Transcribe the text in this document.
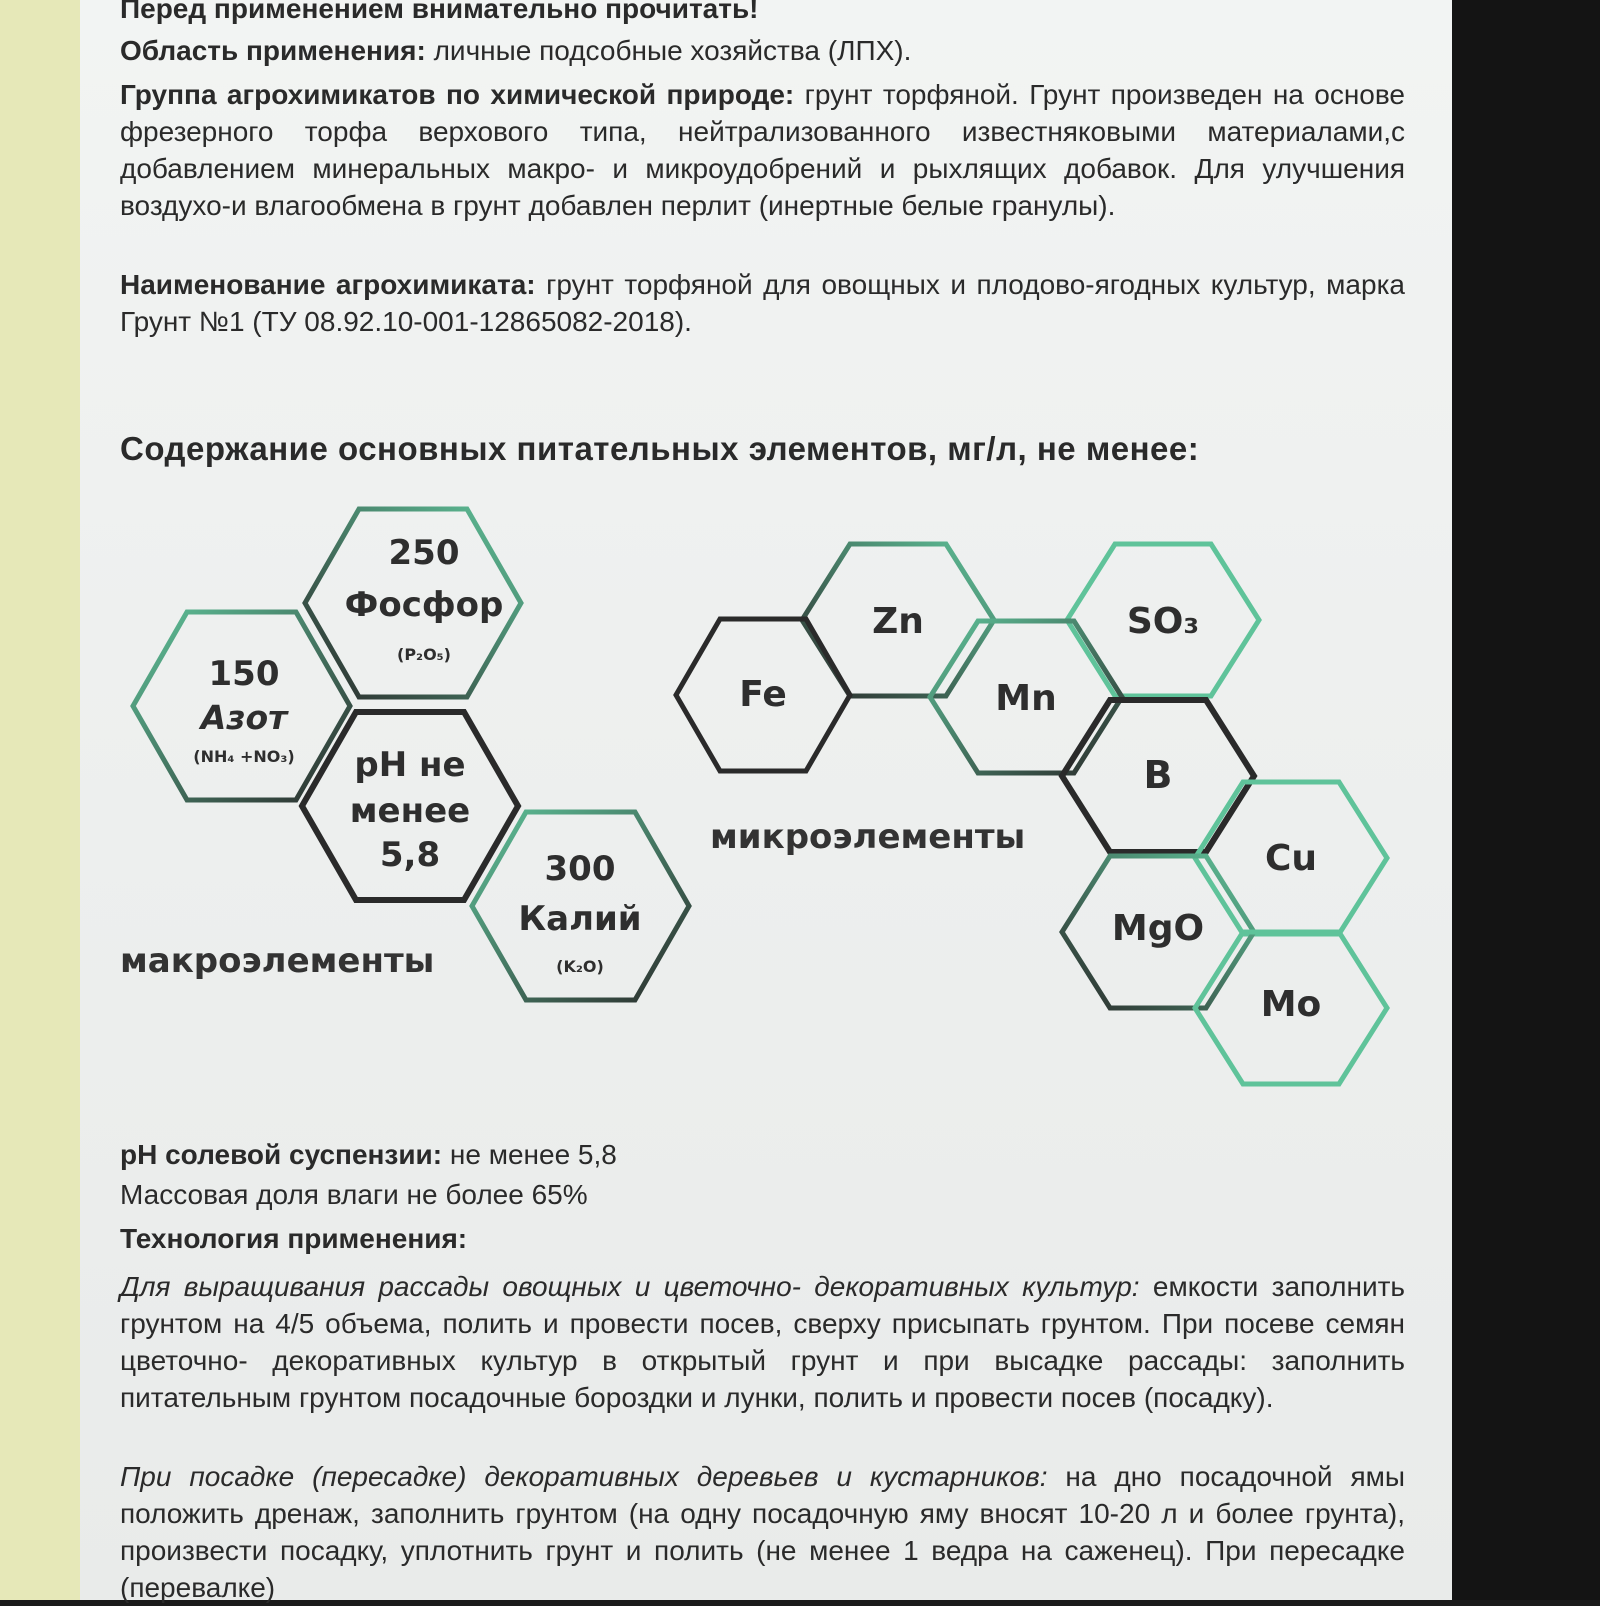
Перед применением внимательно прочитать!

Область применения: личные подсобные хозяйства (ЛПХ).

Группа агрохимикатов по химической природе: грунт торфяной. Грунт произведен на основе фрезерного торфа верхового типа, нейтрализованного известняковыми материалами,с добавлением минеральных макро- и микроудобрений и рыхлящих добавок. Для улучшения воздухо-и влагообмена в грунт добавлен перлит (инертные белые гранулы).

Наименование агрохимиката: грунт торфяной для овощных и плодово-ягодных культур, марка Грунт №1 (ТУ 08.92.10-001-12865082-2018).

Содержание основных питательных элементов, мг/л, не менее:
250
Фосфор
(P₂O₅)
150
Азот
(NH₄ +NO₃) pH не
менее
5,8	300
Калий
(K₂O)
макроэлементы
Zn	SO₃
Fe	Mn
B
Cu
MgO
Mo
микроэлементы

pH солевой суспензии: не менее 5,8

Массовая доля влаги не более 65%

Технология применения:

Для выращивания рассады овощных и цветочно- декоративных культур: емкости заполнить грунтом на 4/5 объема, полить и провести посев, сверху присыпать грунтом. При посеве семян цветочно- декоративных культур в открытый грунт и при высадке рассады: заполнить питательным грунтом посадочные бороздки и лунки, полить и провести посев (посадку).

При посадке (пересадке) декоративных деревьев и кустарников: на дно посадочной ямы положить дренаж, заполнить грунтом (на одну посадочную яму вносят 10-20 л и более грунта), произвести посадку, уплотнить грунт и полить (не менее 1 ведра на саженец). При пересадке (перевалке)
